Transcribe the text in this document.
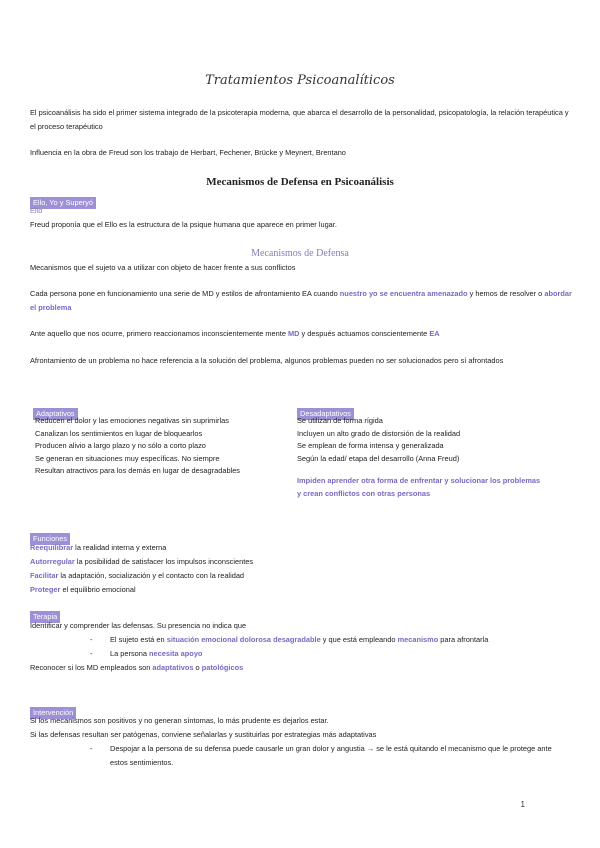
Tratamientos Psicoanalíticos
El psicoanálisis ha sido el primer sistema integrado de la psicoterapia moderna, que abarca el desarrollo de la personalidad, psicopatología, la relación terapéutica y el proceso terapéutico
Influencia en la obra de Freud son los trabajo de Herbart, Fechener, Brücke y Meynert, Brentano
Mecanismos de Defensa en Psicoanálisis
Ello, Yo y Superyó
Ello
Freud proponía que el Ello es la estructura de la psique humana que aparece en primer lugar.
Mecanismos de Defensa
Mecanismos que el sujeto va a utilizar con objeto de hacer frente a sus conflictos
Cada persona pone en funcionamiento una serie de MD y estilos de afrontamiento EA cuando nuestro yo se encuentra amenazado y hemos de resolver o abordar el problema
Ante aquello que nos ocurre, primero reaccionamos inconscientemente mente MD y después actuamos conscientemente EA
Afrontamiento de un problema no hace referencia a la solución del problema, algunos problemas pueden no ser solucionados pero sí afrontados
Adaptativos
Reducen el dolor y las emociones negativas sin suprimirlas
Canalizan los sentimientos en lugar de bloquearlos
Producen alivio a largo plazo y no sólo a corto plazo
Se generan en situaciones muy específicas. No siempre
Resultan atractivos para los demás en lugar de desagradables
Desadaptativos
Se utilizan de forma rígida
Incluyen un alto grado de distorsión de la realidad
Se emplean de forma intensa y generalizada
Según la edad/ etapa del desarrollo (Anna Freud)
Impiden aprender otra forma de enfrentar y solucionar los problemas y crean conflictos con otras personas
Funciones
Reequilibrar la realidad interna y externa
Autorregular la posibilidad de satisfacer los impulsos inconscientes
Facilitar la adaptación, socialización y el contacto con la realidad
Proteger el equilibrio emocional
Terapia
Identificar y comprender las defensas. Su presencia no indica que
- El sujeto está en situación emocional dolorosa desagradable y que está empleando mecanismo para afrontarla
- La persona necesita apoyo
Reconocer si los MD empleados son adaptativos o patológicos
Intervención
Si los mecanismos son positivos y no generan síntomas, lo más prudente es dejarlos estar.
Si las defensas resultan ser patógenas, conviene señalarlas y sustituirlas por estrategias más adaptativas
-	Despojar a la persona de su defensa puede causarle un gran dolor y angustia → se le está quitando el mecanismo que le protege ante estos sentimientos.
1
